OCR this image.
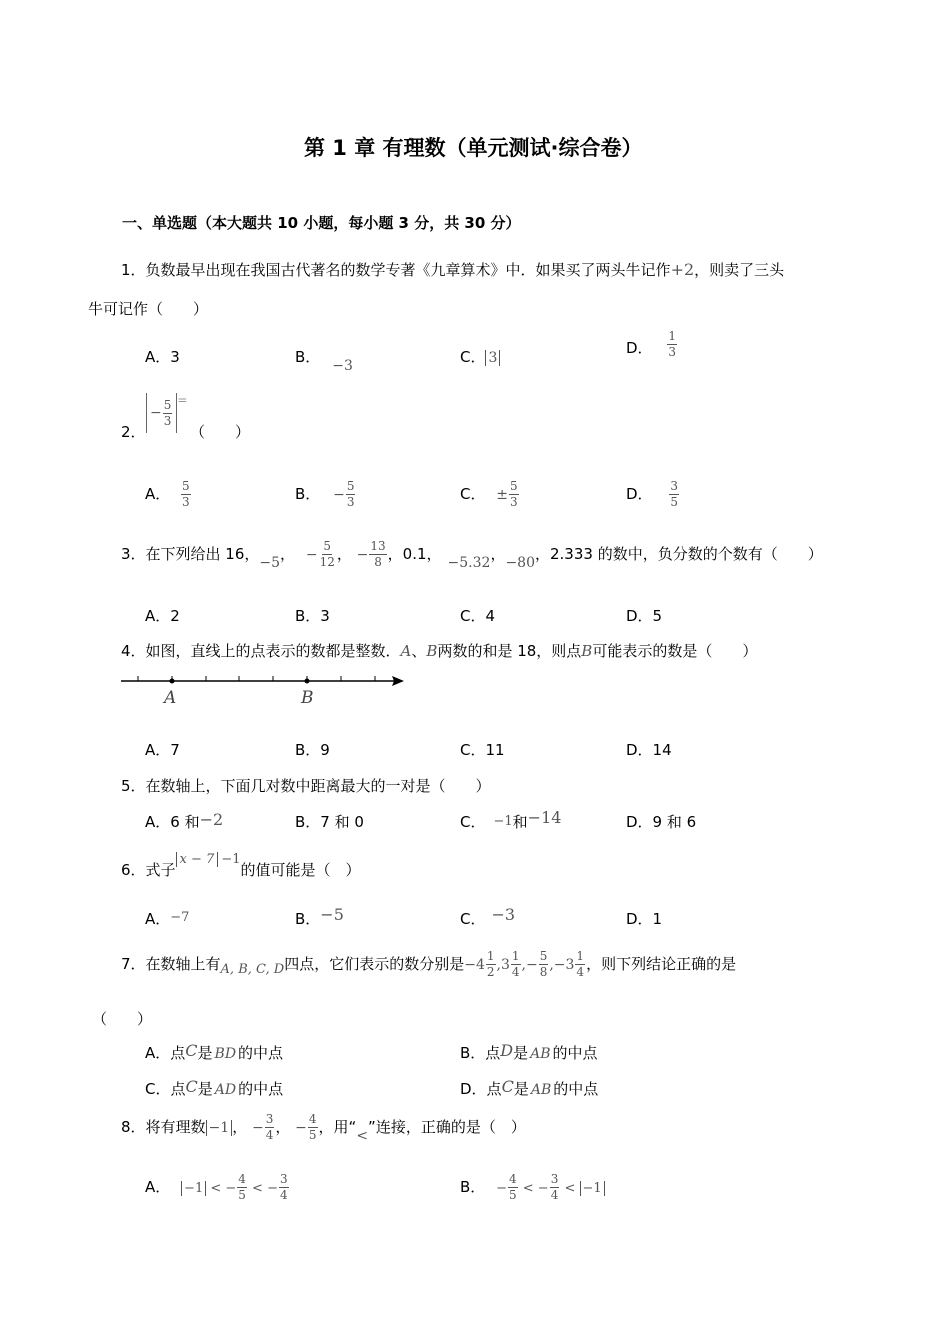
第 1 章 有理数（单元测试·综合卷）
一、单选题（本大题共 10 小题，每小题 3 分，共 30 分）
1．负数最早出现在我国古代著名的数学专著《九章算术》中．如果买了两头牛记作+2，则卖了三头
牛可记作（　　）
A．3	B． −3	C． 3
D． $\frac{1}{3}$
− $\frac{5}{3} ^=$
2．	（　　）
A． $\frac{5}{3}$	B． − $\frac{5}{3}$	C． ± $\frac{5}{3}$	D． $\frac{3}{5}$
3．在下列给出 16，−5， − $\frac{5}{12}$ ， − $\frac{13}{8}$ ，0.1， −5.32，−80，2.333 的数中，负分数的个数有（　　）
A．2	B．3	C．4	D．5
4．如图，直线上的点表示的数都是整数．A、B两数的和是 18，则点B可能表示的数是（　　）
A	B
A．7	B．9	C．11	D．14
5．在数轴上，下面几对数中距离最大的一对是（　　）
A．6 和−2	B．7 和 0	C． −1和−14	D．9 和 6
6．式子x − 7 −1的值可能是（　）
A．−7	B．−5	C． −3	D．1
7．在数轴上有A, B, C, D四点，它们表示的数分别是$-4 \frac{1}{2} ,3 \frac{1}{4}$ ,− $\frac{5}{8} ,-3 \frac{1}{4}$ ，则下列结论正确的是
（　　）
A．点C是 BD 的中点	B．点D是 AB 的中点
C．点C是 AD 的中点	D．点C是 AB 的中点
8．将有理数 −1 ， − $\frac{3}{4}$ ， − $\frac{4}{5}$ ，用“<”连接，正确的是（　）
A． −1 < − $\frac{4}{5}$ < − $\frac{3}{4}$	B． − $\frac{4}{5}$ < − $\frac{3}{4} < -1$
